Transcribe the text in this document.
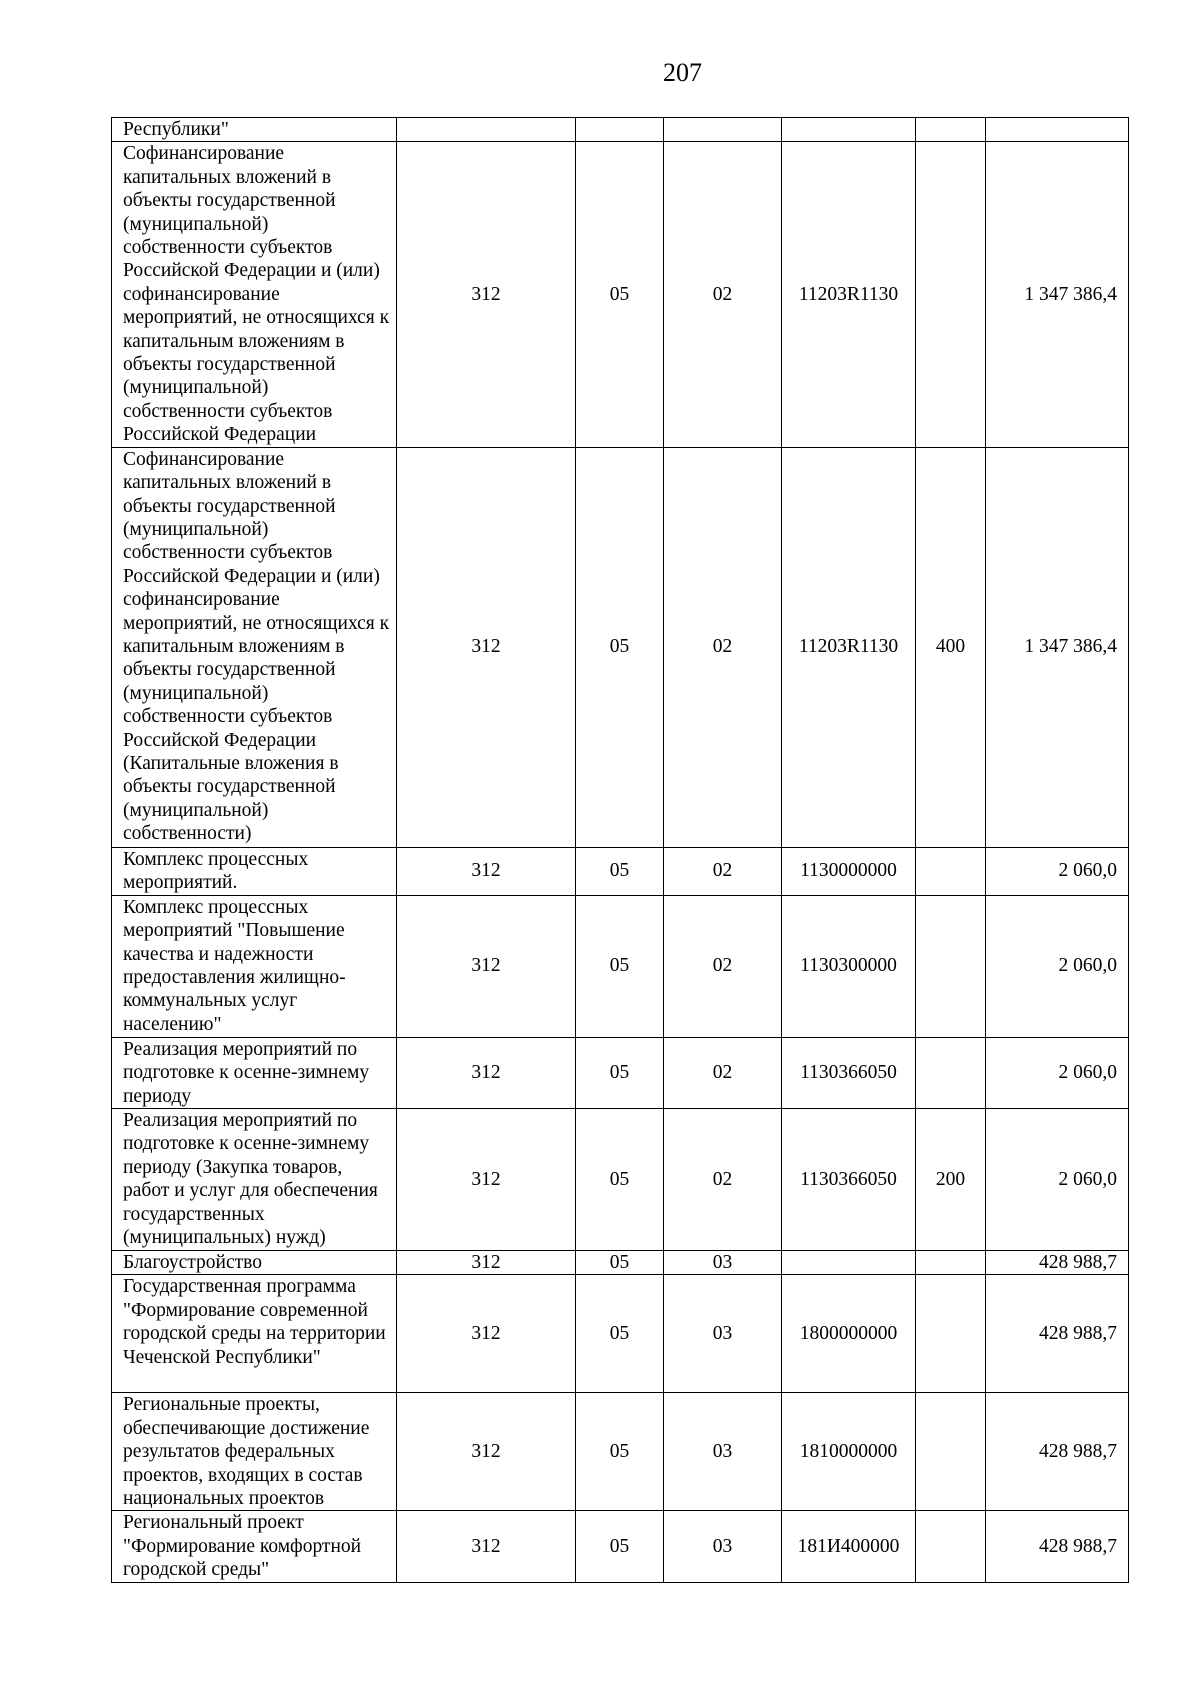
207
Республики"						
Софинансирование капитальных вложений в объекты государственной (муниципальной) собственности субъектов Российской Федерации и (или) софинансирование мероприятий, не относящихся к капитальным вложениям в объекты государственной (муниципальной) собственности субъектов Российской Федерации	312	05	02	11203R1130		1 347 386,4
Софинансирование капитальных вложений в объекты государственной (муниципальной) собственности субъектов Российской Федерации и (или) софинансирование мероприятий, не относящихся к капитальным вложениям в объекты государственной (муниципальной) собственности субъектов Российской Федерации (Капитальные вложения в объекты государственной (муниципальной) собственности)	312	05	02	11203R1130	400	1 347 386,4
Комплекс процессных мероприятий.	312	05	02	1130000000		2 060,0
Комплекс процессных мероприятий "Повышение качества и надежности предоставления жилищно-коммунальных услуг населению"	312	05	02	1130300000		2 060,0
Реализация мероприятий по подготовке к осенне-зимнему периоду	312	05	02	1130366050		2 060,0
Реализация мероприятий по подготовке к осенне-зимнему периоду (Закупка товаров, работ и услуг для обеспечения государственных (муниципальных) нужд)	312	05	02	1130366050	200	2 060,0
Благоустройство	312	05	03			428 988,7
Государственная программа "Формирование современной городской среды на территории Чеченской Республики"	312	05	03	1800000000		428 988,7
Региональные проекты, обеспечивающие достижение результатов федеральных проектов, входящих в состав национальных проектов	312	05	03	1810000000		428 988,7
Региональный проект "Формирование комфортной городской среды"	312	05	03	181И400000		428 988,7
